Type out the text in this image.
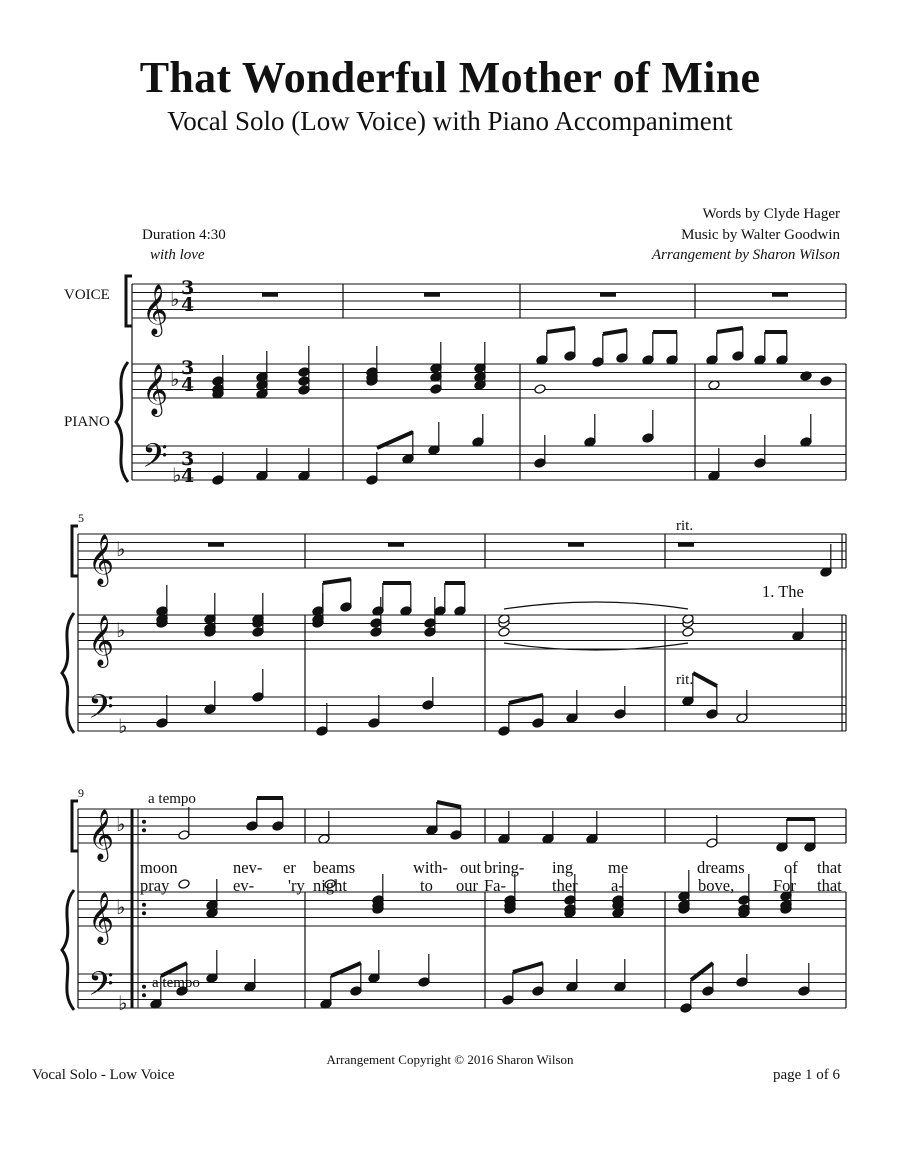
That Wonderful Mother of Mine
Vocal Solo (Low Voice) with Piano Accompaniment
Words by Clyde Hager
Music by Walter Goodwin
Arrangement by Sharon Wilson
Duration 4:30
with love
VOICE
PIANO
𝄞 ♭
𝄞 ♭
𝄢 ♭
𝄞 ♭
𝄞 ♭
𝄢 ♭
𝄞 ♭
𝄞 ♭
𝄢 ♭
3
4
3
4
3
4
5	rit.
1. The
rit.
9	a tempo
a tempo
moon	nev- er beams	with- out bring- ing me	dreams of that
pray	ev- 'ry night	to our Fa-	ther a-	bove, For that
Arrangement Copyright © 2016 Sharon Wilson
Vocal Solo - Low Voice	page 1 of 6
